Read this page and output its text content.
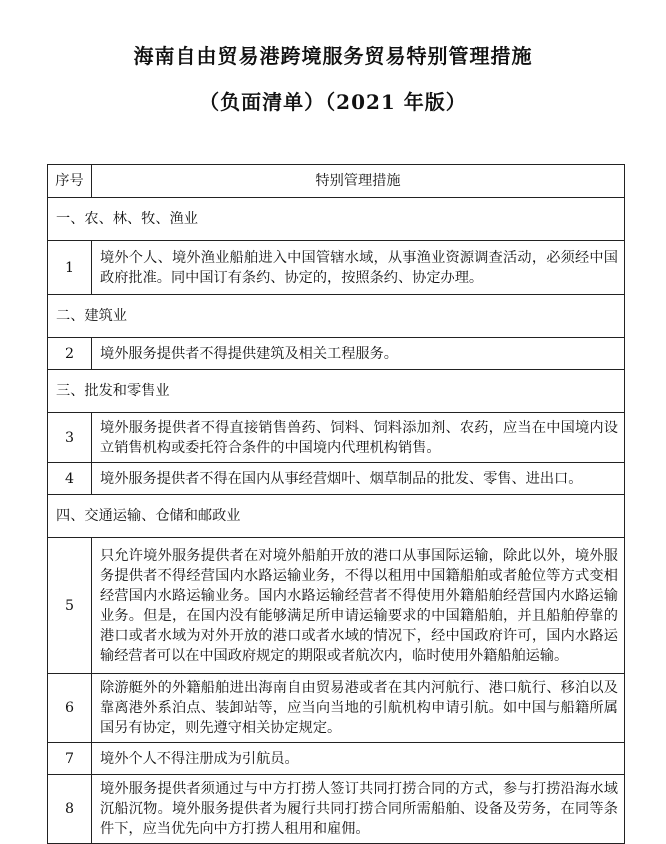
海南自由贸易港跨境服务贸易特别管理措施
（负面清单）（2021 年版）
序号	特别管理措施
一、农、林、牧、渔业	
1	境外个人、境外渔业船舶进入中国管辖水域，从事渔业资源调查活动，必须经中国政府批准。同中国订有条约、协定的，按照条约、协定办理。
二、建筑业	
2	境外服务提供者不得提供建筑及相关工程服务。
三、批发和零售业	
3	境外服务提供者不得直接销售兽药、饲料、饲料添加剂、农药，应当在中国境内设立销售机构或委托符合条件的中国境内代理机构销售。
4	境外服务提供者不得在国内从事经营烟叶、烟草制品的批发、零售、进出口。
四、交通运输、仓储和邮政业	
5	只允许境外服务提供者在对境外船舶开放的港口从事国际运输，除此以外，境外服务提供者不得经营国内水路运输业务，不得以租用中国籍船舶或者舱位等方式变相经营国内水路运输业务。国内水路运输经营者不得使用外籍船舶经营国内水路运输业务。但是，在国内没有能够满足所申请运输要求的中国籍船舶，并且船舶停靠的港口或者水域为对外开放的港口或者水域的情况下，经中国政府许可，国内水路运输经营者可以在中国政府规定的期限或者航次内，临时使用外籍船舶运输。
6	除游艇外的外籍船舶进出海南自由贸易港或者在其内河航行、港口航行、移泊以及靠离港外系泊点、装卸站等，应当向当地的引航机构申请引航。如中国与船籍所属国另有协定，则先遵守相关协定规定。
7	境外个人不得注册成为引航员。
8	境外服务提供者须通过与中方打捞人签订共同打捞合同的方式，参与打捞沿海水域沉船沉物。境外服务提供者为履行共同打捞合同所需船舶、设备及劳务，在同等条件下，应当优先向中方打捞人租用和雇佣。
